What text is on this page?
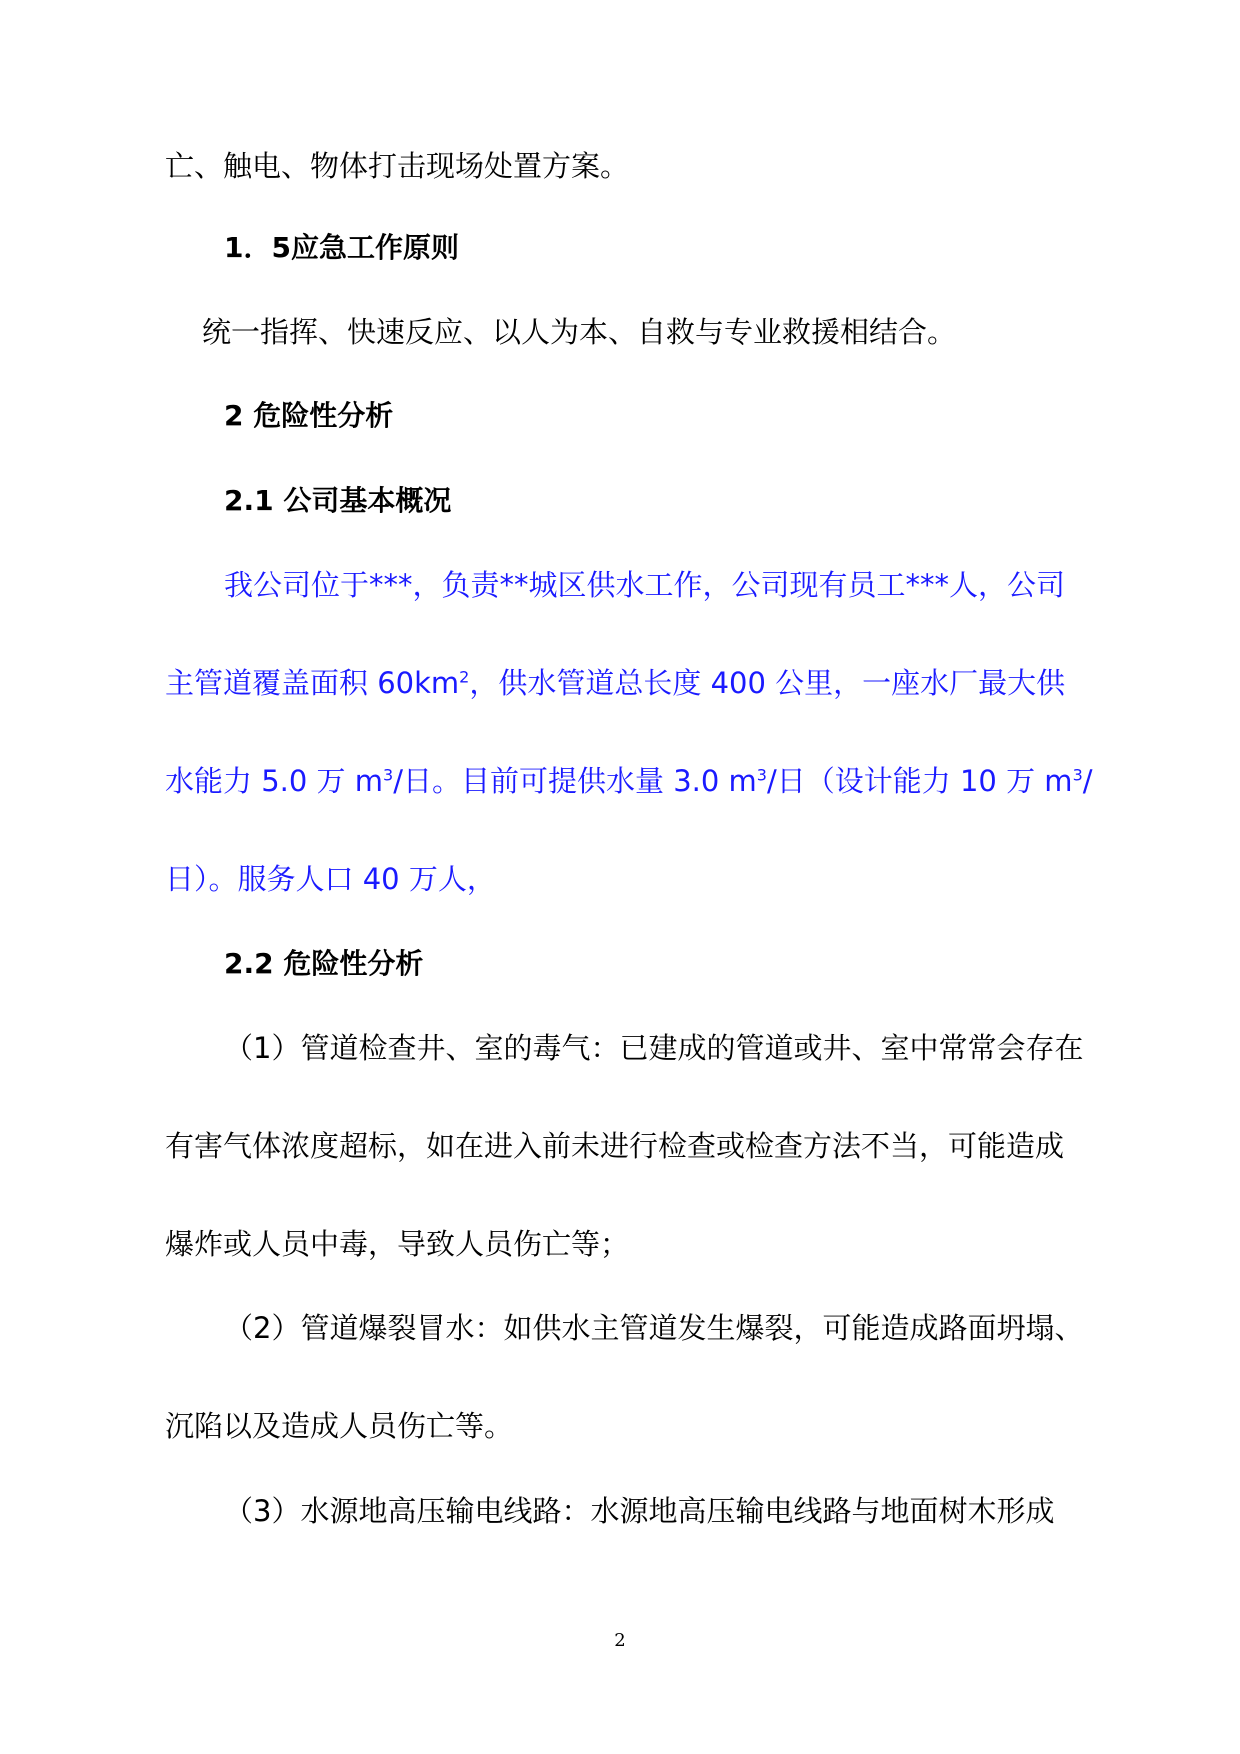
亡、触电、物体打击现场处置方案。
1．5应急工作原则
统一指挥、快速反应、以人为本、自救与专业救援相结合。
2 危险性分析
2.1 公司基本概况
我公司位于***，负责**城区供水工作，公司现有员工***人，公司
主管道覆盖面积 $60km^2$，供水管道总长度 400 公里，一座水厂最大供
水能力 5.0 万 $m^3/$日。目前可提供水量 3.0 $m^3/$日（设计能力 10 万 $m^3/$
日）。服务人口 40 万人，
2.2 危险性分析
（1）管道检查井、室的毒气：已建成的管道或井、室中常常会存在
有害气体浓度超标，如在进入前未进行检查或检查方法不当，可能造成
爆炸或人员中毒，导致人员伤亡等；
（2）管道爆裂冒水：如供水主管道发生爆裂，可能造成路面坍塌、
沉陷以及造成人员伤亡等。
（3）水源地高压输电线路：水源地高压输电线路与地面树木形成
2
